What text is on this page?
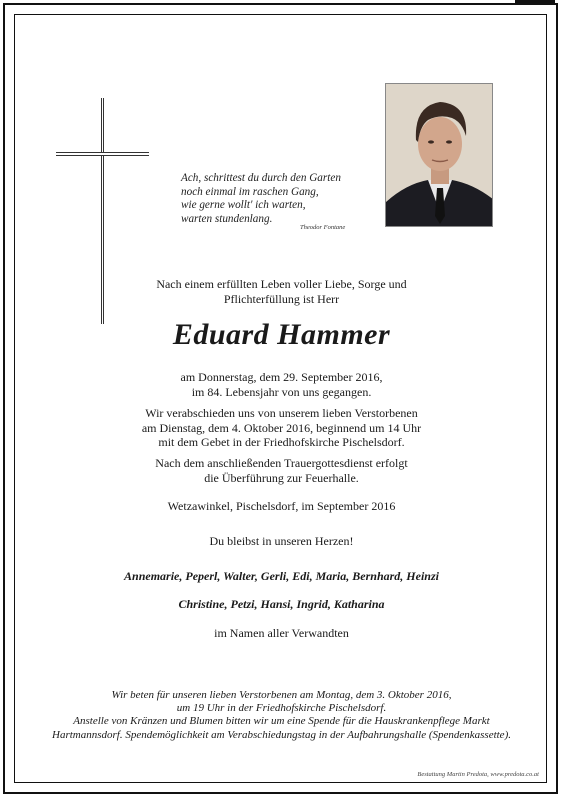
Ach, schrittest du durch den Garten
noch einmal im raschen Gang,
wie gerne wollt' ich warten,
warten stundenlang.
Theodor Fontane
Nach einem erfüllten Leben voller Liebe, Sorge und
Pflichterfüllung ist Herr
Eduard Hammer
am Donnerstag, dem 29. September 2016,
im 84. Lebensjahr von uns gegangen.
Wir verabschieden uns von unserem lieben Verstorbenen
am Dienstag, dem 4. Oktober 2016, beginnend um 14 Uhr
mit dem Gebet in der Friedhofskirche Pischelsdorf.
Nach dem anschließenden Trauergottesdienst erfolgt
die Überführung zur Feuerhalle.
Wetzawinkel, Pischelsdorf, im September 2016
Du bleibst in unseren Herzen!
Annemarie, Peperl, Walter, Gerli, Edi, Maria, Bernhard, Heinzi
Christine, Petzi, Hansi, Ingrid, Katharina
im Namen aller Verwandten
Wir beten für unseren lieben Verstorbenen am Montag, dem 3. Oktober 2016,
um 19 Uhr in der Friedhofskirche Pischelsdorf.
Anstelle von Kränzen und Blumen bitten wir um eine Spende für die Hauskrankenpflege Markt
Hartmannsdorf. Spendemöglichkeit am Verabschiedungstag in der Aufbahrungshalle (Spendenkassette).
Bestattung Martin Predota, www.predota.co.at
